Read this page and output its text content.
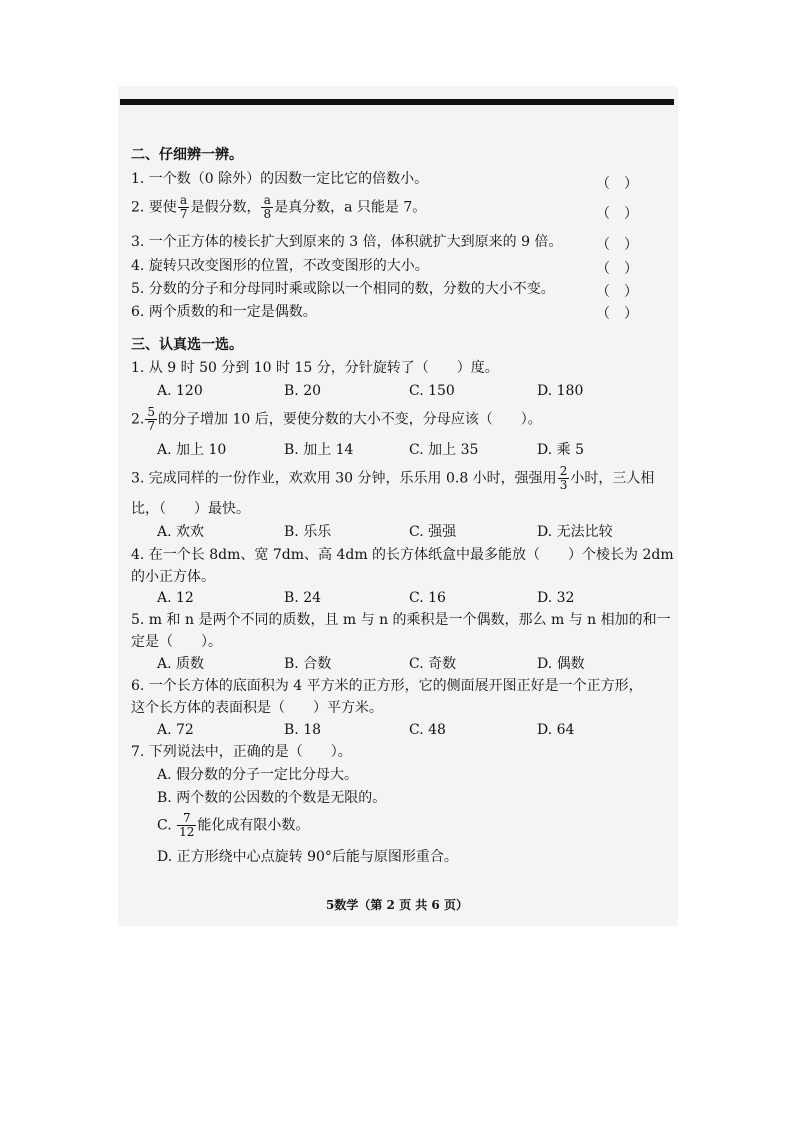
二、仔细辨一辨。
1. 一个数（0 除外）的因数一定比它的倍数小。	（　）
2. 要使 $\frac{a}{7}$ 是假分数， $\frac{a}{8}$ 是真分数，a 只能是 7。	（　）
3. 一个正方体的棱长扩大到原来的 3 倍，体积就扩大到原来的 9 倍。 （　）
4. 旋转只改变图形的位置，不改变图形的大小。	（　）
5. 分数的分子和分母同时乘或除以一个相同的数，分数的大小不变。	（　）
6. 两个质数的和一定是偶数。	（　）
三、认真选一选。
1. 从 9 时 50 分到 10 时 15 分，分针旋转了（　　）度。
A. 120	B. 20	C. 150	D. 180
2. $\frac{5}{7}$ 的分子增加 10 后，要使分数的大小不变，分母应该（　　）。
A. 加上 10	B. 加上 14	C. 加上 35	D. 乘 5
3. 完成同样的一份作业，欢欢用 30 分钟，乐乐用 0.8 小时，强强用 $\frac{2}{3}$ 小时，三人相
比，（　　）最快。
A. 欢欢	B. 乐乐	C. 强强	D. 无法比较
4. 在一个长 8dm、宽 7dm、高 4dm 的长方体纸盒中最多能放（　　）个棱长为 2dm
的小正方体。
A. 12	B. 24	C. 16	D. 32
5. m 和 n 是两个不同的质数，且 m 与 n 的乘积是一个偶数，那么 m 与 n 相加的和一
定是（　　）。
A. 质数	B. 合数	C. 奇数	D. 偶数
6. 一个长方体的底面积为 4 平方米的正方形，它的侧面展开图正好是一个正方形，
这个长方体的表面积是（　　）平方米。
A. 72	B. 18	C. 48	D. 64
7. 下列说法中，正确的是（　　）。
A. 假分数的分子一定比分母大。
B. 两个数的公因数的个数是无限的。
C. $\frac{7}{12}$ 能化成有限小数。
D. 正方形绕中心点旋转 90°后能与原图形重合。
5数学（第 2 页 共 6 页）
